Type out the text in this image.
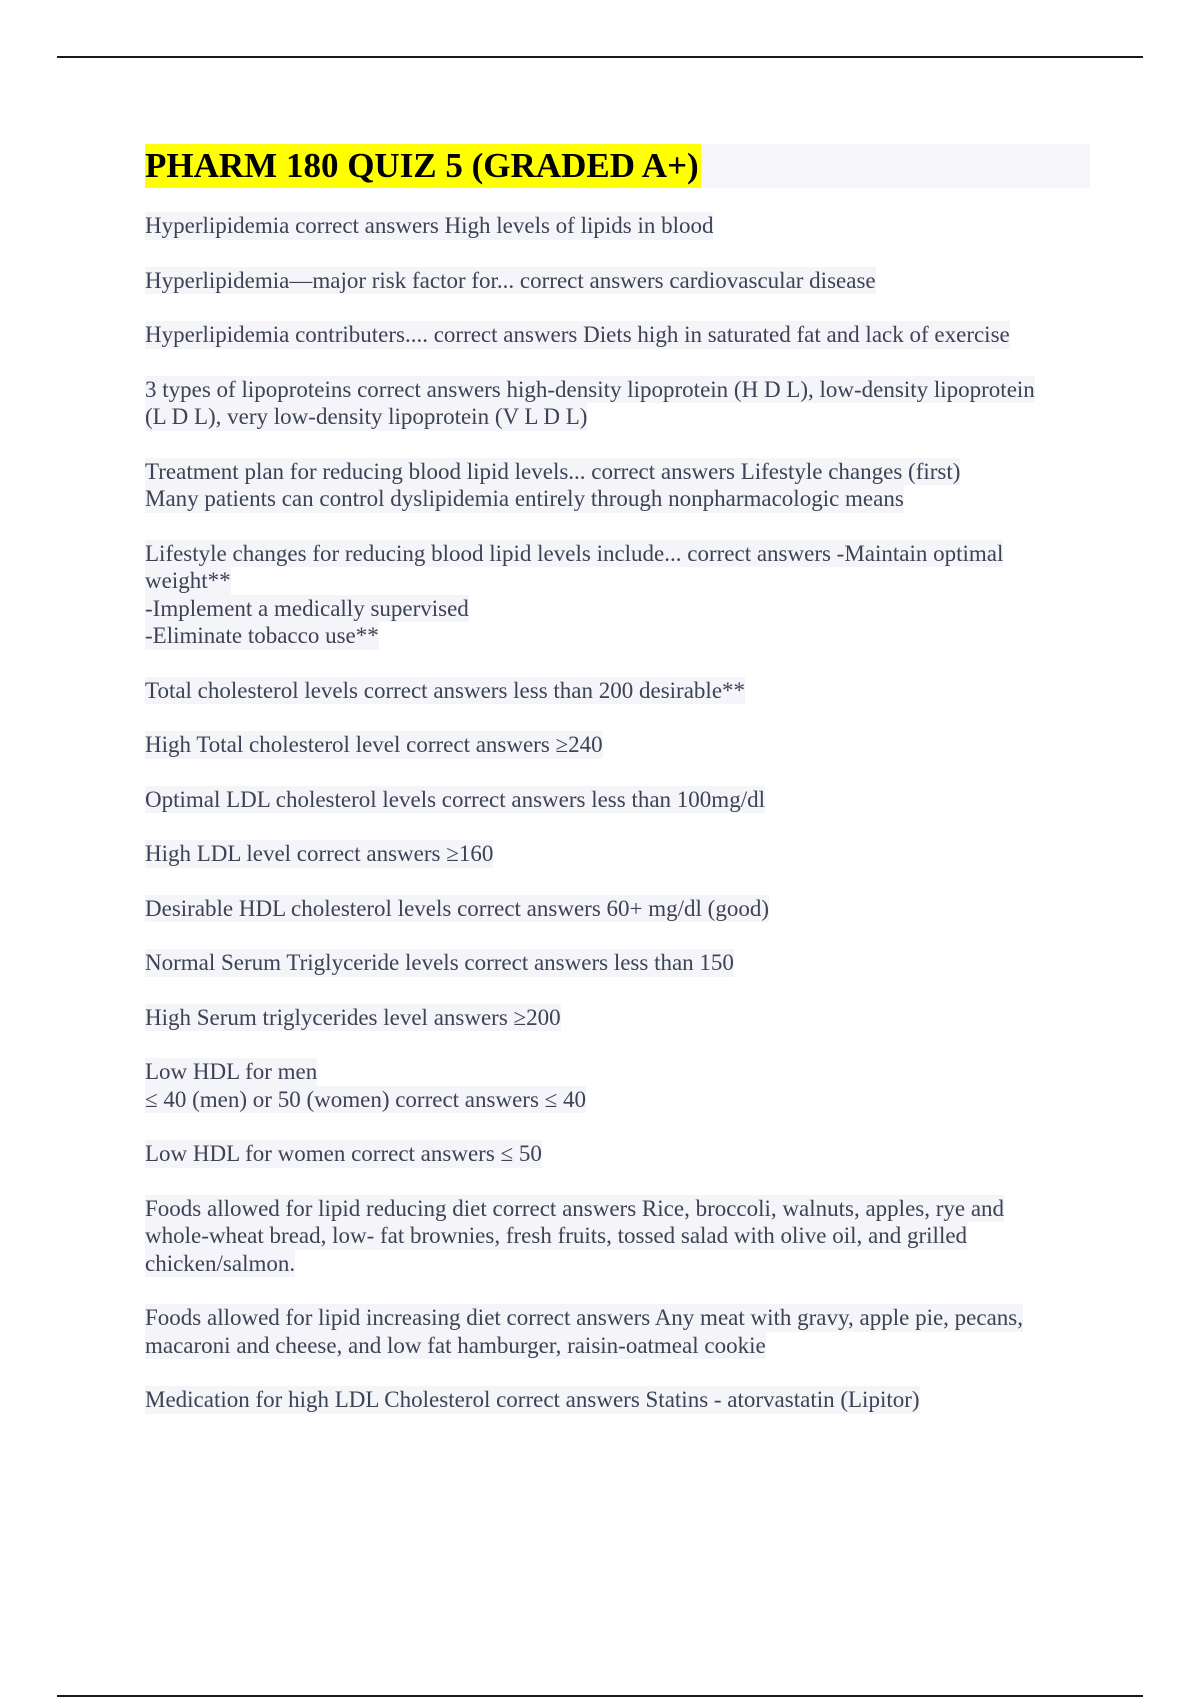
PHARM 180 QUIZ 5 (GRADED A+)
Hyperlipidemia correct answers High levels of lipids in blood
Hyperlipidemia—major risk factor for... correct answers cardiovascular disease
Hyperlipidemia contributers.... correct answers Diets high in saturated fat and lack of exercise
3 types of lipoproteins correct answers high-density lipoprotein (H D L), low-density lipoprotein
(L D L), very low-density lipoprotein (V L D L)
Treatment plan for reducing blood lipid levels... correct answers Lifestyle changes (first)
Many patients can control dyslipidemia entirely through nonpharmacologic means
Lifestyle changes for reducing blood lipid levels include... correct answers -Maintain optimal
weight**
-Implement a medically supervised
-Eliminate tobacco use**
Total cholesterol levels correct answers less than 200 desirable**
High Total cholesterol level correct answers ≥240
Optimal LDL cholesterol levels correct answers less than 100mg/dl
High LDL level correct answers ≥160
Desirable HDL cholesterol levels correct answers 60+ mg/dl (good)
Normal Serum Triglyceride levels correct answers less than 150
High Serum triglycerides level answers ≥200
Low HDL for men
≤ 40 (men) or 50 (women) correct answers ≤ 40
Low HDL for women correct answers ≤ 50
Foods allowed for lipid reducing diet correct answers Rice, broccoli, walnuts, apples, rye and
whole-wheat bread, low- fat brownies, fresh fruits, tossed salad with olive oil, and grilled
chicken/salmon.
Foods allowed for lipid increasing diet correct answers Any meat with gravy, apple pie, pecans,
macaroni and cheese, and low fat hamburger, raisin-oatmeal cookie
Medication for high LDL Cholesterol correct answers Statins - atorvastatin (Lipitor)
